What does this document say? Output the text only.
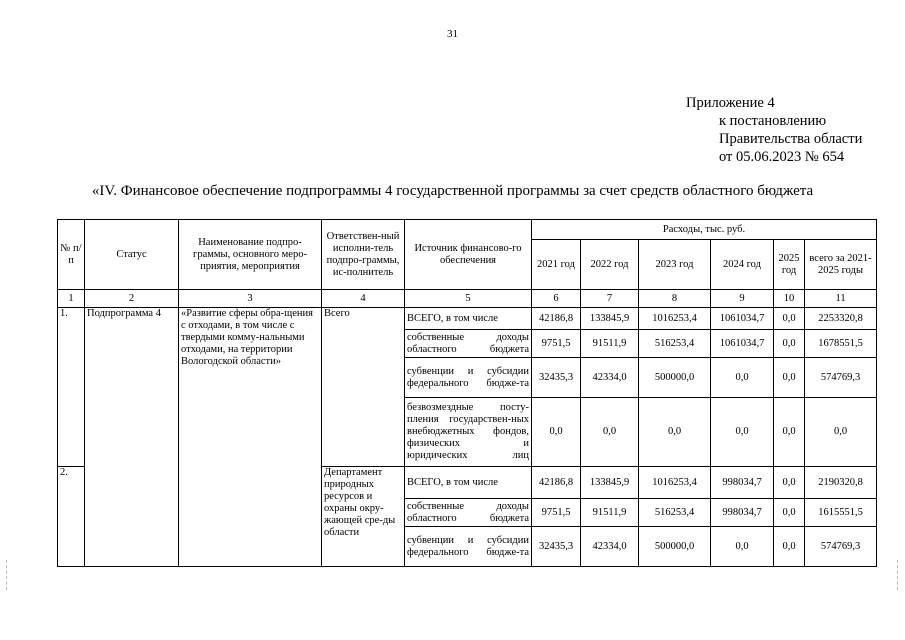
31
Приложение 4
к постановлению
Правительства области
от 05.06.2023 № 654
«IV. Финансовое обеспечение подпрограммы 4 государственной программы за счет средств областного бюджета
№ п/п	Статус	Наименование подпро-граммы, основного меро-приятия, мероприятия	Ответствен-ный исполни-тель подпро-граммы, ис-полнитель	Источник финансово-го обеспечения	Расходы, тыс. руб.					
					2021 год	2022 год	2023 год	2024 год	2025 год	всего за 2021-2025 годы
1	2	3	4	5	6	7	8	9	10	11
1.	Подпрограмма 4	«Развитие сферы обра-щения с отходами, в том числе с твердыми комму-нальными отходами, на территории Вологодской области»	Всего	ВСЕГО, в том числе	42186,8	133845,9	1016253,4	1061034,7	0,0	2253320,8
				собственные доходы областного бюджета	9751,5	91511,9	516253,4	1061034,7	0,0	1678551,5
				субвенции и субсидии федерального бюдже-та	32435,3	42334,0	500000,0	0,0	0,0	574769,3
				безвозмездные посту-пления государствен-ных внебюджетных фондов, физических и юридических лиц	0,0	0,0	0,0	0,0	0,0	0,0
2.			Департамент природных ресурсов и охраны окру-жающей сре-ды области	ВСЕГО, в том числе	42186,8	133845,9	1016253,4	998034,7	0,0	2190320,8
				собственные доходы областного бюджета	9751,5	91511,9	516253,4	998034,7	0,0	1615551,5
				субвенции и субсидии федерального бюдже-та	32435,3	42334,0	500000,0	0,0	0,0	574769,3
